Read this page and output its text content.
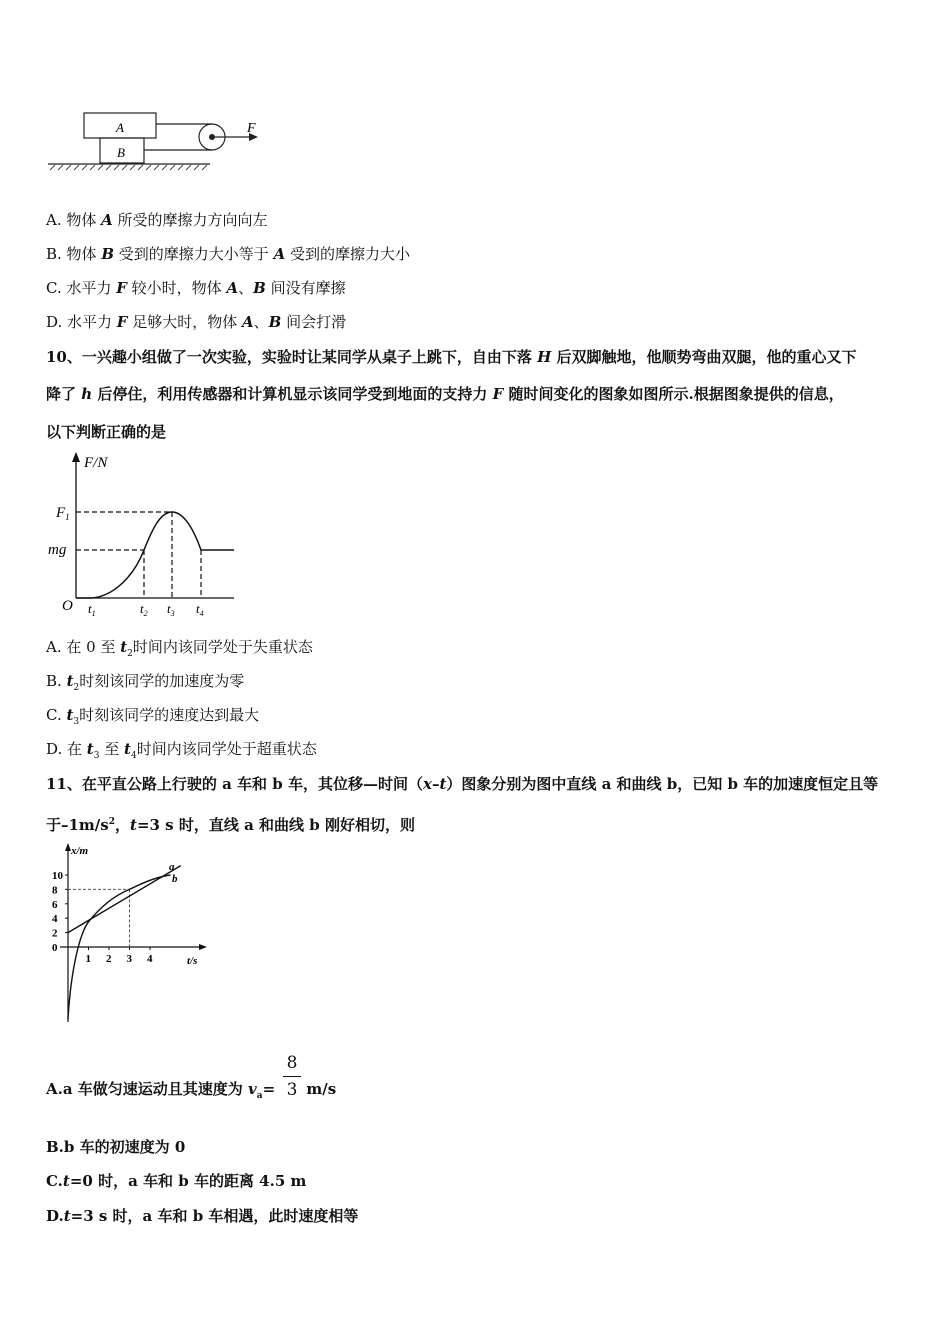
A
B
F
A. 物体 A 所受的摩擦力方向向左
B. 物体 B 受到的摩擦力大小等于 A 受到的摩擦力大小
C. 水平力 F 较小时，物体 A、B 间没有摩擦
D. 水平力 F 足够大时，物体 A、B 间会打滑
10、一兴趣小组做了一次实验，实验时让某同学从桌子上跳下，自由下落 H 后双脚触地，他顺势弯曲双腿，他的重心又下
降了 h 后停住，利用传感器和计算机显示该同学受到地面的支持力 F 随时间变化的图象如图所示.根据图象提供的信息，
以下判断正确的是
F/N
$F_1$
mg
O $t_1$	$t_2$ $t_3$ $t_4$
A. 在 0 至 $t_2$时间内该同学处于失重状态
B. $t_2$时刻该同学的加速度为零
C. $t_3$时刻该同学的速度达到最大
D. 在 $t_3$ 至 $t_4$时间内该同学处于超重状态
11、在平直公路上行驶的 a 车和 b 车，其位移—时间（x–t）图象分别为图中直线 a 和曲线 b，已知 b 车的加速度恒定且等
于$-1m/s^2$，t=3 s 时，直线 a 和曲线 b 刚好相切，则
x/m
t/s
10
8
6
4
2
0
1 2 3 4
a
b
A.a 车做匀速运动且其速度为 $v_a= m/s$
8
3
B.b 车的初速度为 0
C.t=0 时，a 车和 b 车的距离 4.5 m
D.t=3 s 时，a 车和 b 车相遇，此时速度相等
